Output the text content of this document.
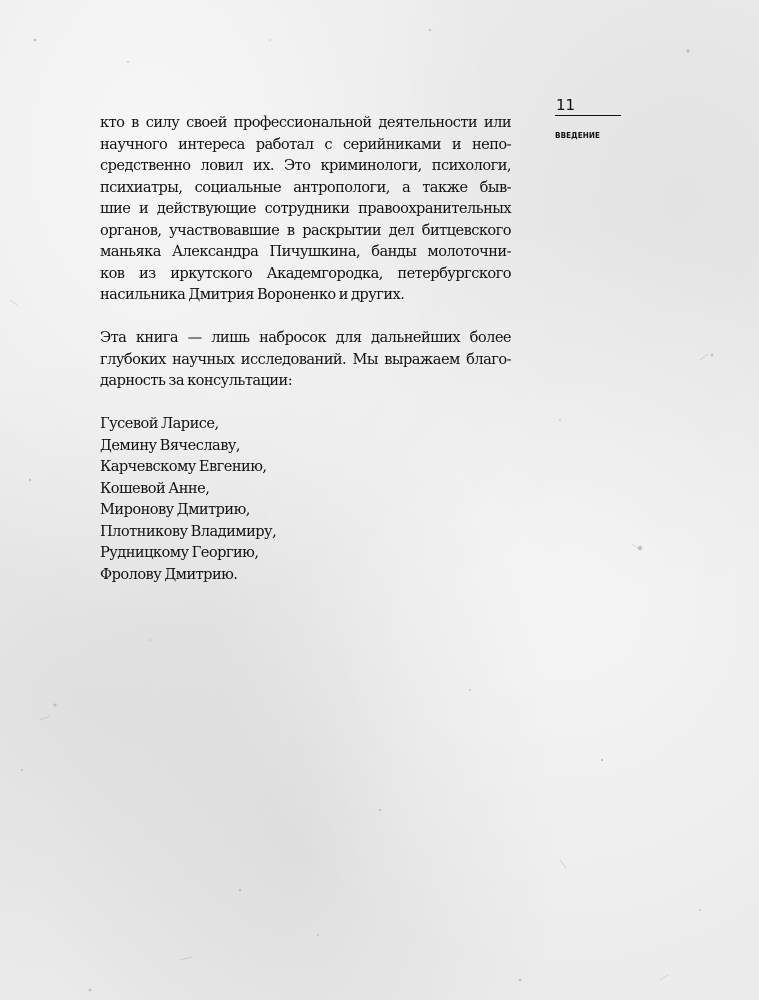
11
ВВЕДЕНИЕ
кто в силу своей профессиональной деятельности или
научного интереса работал с серийниками и непо-
средственно ловил их. Это криминологи, психологи,
психиатры, социальные антропологи, а также быв-
шие и действующие сотрудники правоохранительных
органов, участвовавшие в раскрытии дел битцевского
маньяка Александра Пичушкина, банды молоточни-
ков из иркутского Академгородка, петербургского
насильника Дмитрия Вороненко и других.
Эта книга — лишь набросок для дальнейших более
глубоких научных исследований. Мы выражаем благо-
дарность за консультации:
Гусевой Ларисе,
Демину Вячеславу,
Карчевскому Евгению,
Кошевой Анне,
Миронову Дмитрию,
Плотникову Владимиру,
Рудницкому Георгию,
Фролову Дмитрию.
